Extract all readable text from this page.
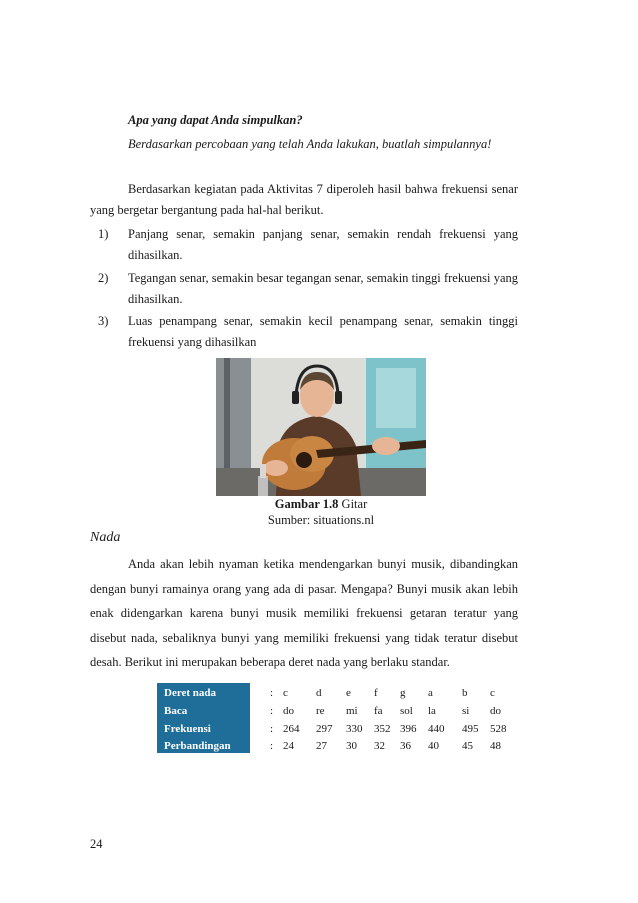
Apa yang dapat Anda simpulkan?
Berdasarkan percobaan yang telah Anda lakukan, buatlah simpulannya!
Berdasarkan kegiatan pada Aktivitas 7 diperoleh hasil bahwa frekuensi senar yang bergetar bergantung pada hal-hal berikut.
1) Panjang senar, semakin panjang senar, semakin rendah frekuensi yang dihasilkan.
2) Tegangan senar, semakin besar tegangan senar, semakin tinggi frekuensi yang dihasilkan.
3) Luas penampang senar, semakin kecil penampang senar, semakin tinggi frekuensi yang dihasilkan
Gambar 1.8 Gitar
Sumber: situations.nl
Nada
Anda akan lebih nyaman ketika mendengarkan bunyi musik, dibandingkan dengan bunyi ramainya orang yang ada di pasar. Mengapa? Bunyi musik akan lebih enak didengarkan karena bunyi musik memiliki frekuensi getaran teratur yang disebut nada, sebaliknya bunyi yang memiliki frekuensi yang tidak teratur disebut desah. Berikut ini merupakan beberapa deret nada yang berlaku standar.
Deret nada
Baca
Frekuensi
Perbandingan
: c	d e f g a	b c
: do re mi fa sol la si do
: 264 297 330 352 396 440 495 528
: 24 27 30 32 36 40 45 48
24
